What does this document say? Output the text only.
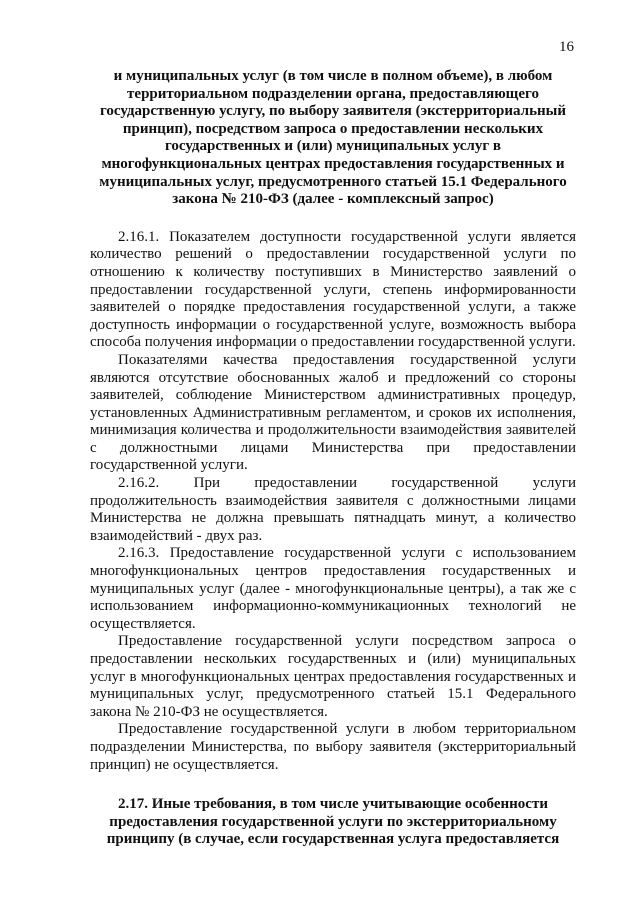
16

и муниципальных услуг (в том числе в полном объеме), в любом территориальном подразделении органа, предоставляющего государственную услугу, по выбору заявителя (экстерриториальный принцип), посредством запроса о предоставлении нескольких государственных и (или) муниципальных услуг в многофункциональных центрах предоставления государственных и муниципальных услуг, предусмотренного статьей 15.1 Федерального закона № 210-ФЗ (далее - комплексный запрос)

2.16.1. Показателем доступности государственной услуги является количество решений о предоставлении государственной услуги по отношению к количеству поступивших в Министерство заявлений о предоставлении государственной услуги, степень информированности заявителей о порядке предоставления государственной услуги, а также доступность информации о государственной услуге, возможность выбора способа получения информации о предоставлении государственной услуги.

Показателями качества предоставления государственной услуги являются отсутствие обоснованных жалоб и предложений со стороны заявителей, соблюдение Министерством административных процедур, установленных Административным регламентом, и сроков их исполнения, минимизация количества и продолжительности взаимодействия заявителей с должностными лицами Министерства при предоставлении государственной услуги.

2.16.2. При предоставлении государственной услуги продолжительность взаимодействия заявителя с должностными лицами Министерства не должна превышать пятнадцать минут, а количество взаимодействий - двух раз.

2.16.3. Предоставление государственной услуги с использованием многофункциональных центров предоставления государственных и муниципальных услуг (далее - многофункциональные центры), а так же с использованием информационно-коммуникационных технологий не осуществляется.

Предоставление государственной услуги посредством запроса о предоставлении нескольких государственных и (или) муниципальных услуг в многофункциональных центрах предоставления государственных и муниципальных услуг, предусмотренного статьей 15.1 Федерального закона № 210-ФЗ не осуществляется.

Предоставление государственной услуги в любом территориальном подразделении Министерства, по выбору заявителя (экстерриториальный принцип) не осуществляется.

2.17. Иные требования, в том числе учитывающие особенности предоставления государственной услуги по экстерриториальному принципу (в случае, если государственная услуга предоставляется
